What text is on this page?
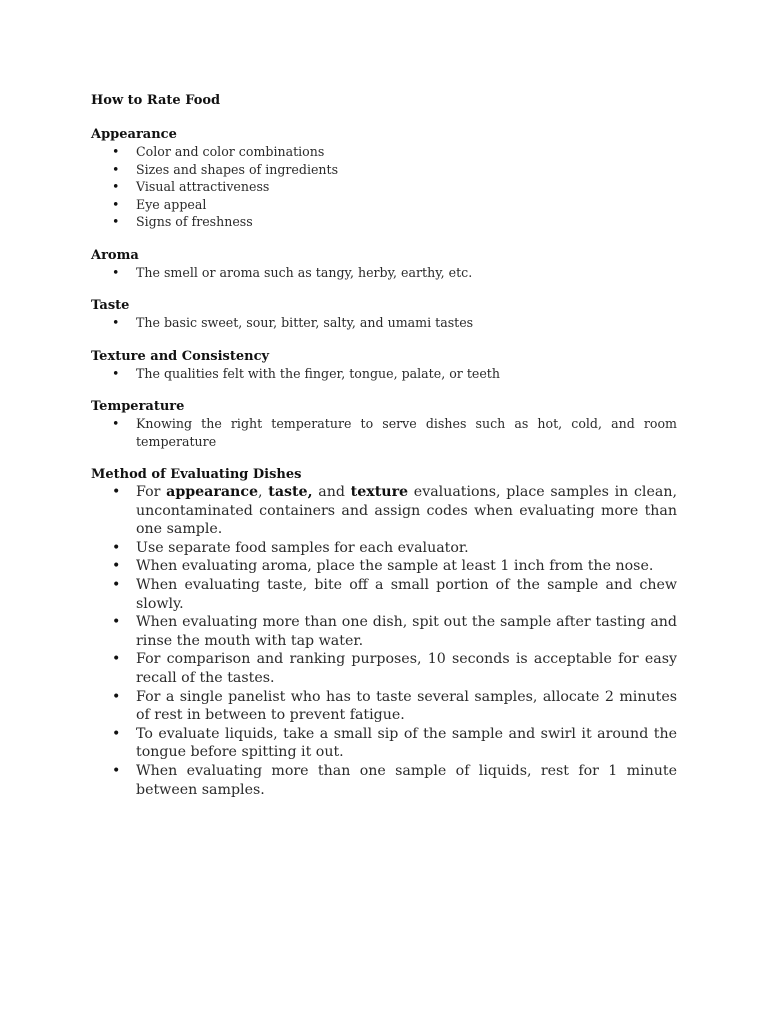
How to Rate Food
Appearance
• Color and color combinations
• Sizes and shapes of ingredients
• Visual attractiveness
• Eye appeal
• Signs of freshness
Aroma
• The smell or aroma such as tangy, herby, earthy, etc.
Taste
• The basic sweet, sour, bitter, salty, and umami tastes
Texture and Consistency
• The qualities felt with the finger, tongue, palate, or teeth
Temperature
• Knowing the right temperature to serve dishes such as hot, cold, and room temperature
Method of Evaluating Dishes
• For appearance, taste, and texture evaluations, place samples in clean, uncontaminated containers and assign codes when evaluating more than one sample.
• Use separate food samples for each evaluator.
• When evaluating aroma, place the sample at least 1 inch from the nose.
• When evaluating taste, bite off a small portion of the sample and chew slowly.
• When evaluating more than one dish, spit out the sample after tasting and rinse the mouth with tap water.
• For comparison and ranking purposes, 10 seconds is acceptable for easy recall of the tastes.
• For a single panelist who has to taste several samples, allocate 2 minutes of rest in between to prevent fatigue.
• To evaluate liquids, take a small sip of the sample and swirl it around the tongue before spitting it out.
• When evaluating more than one sample of liquids, rest for 1 minute between samples.
